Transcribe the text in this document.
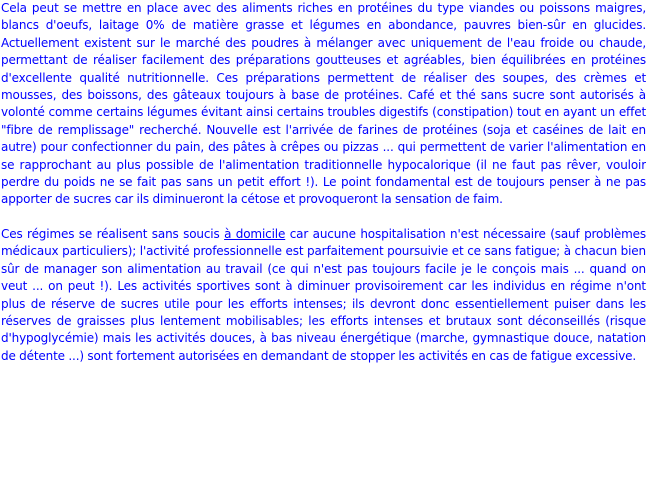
Cela peut se mettre en place avec des aliments riches en protéines du type viandes ou poissons maigres, blancs d'oeufs, laitage 0% de matière grasse et légumes en abondance, pauvres bien-sûr en glucides. Actuellement existent sur le marché des poudres à mélanger avec uniquement de l'eau froide ou chaude, permettant de réaliser facilement des préparations goutteuses et agréables, bien équilibrées en protéines d'excellente qualité nutritionnelle. Ces préparations permettent de réaliser des soupes, des crèmes et mousses, des boissons, des gâteaux toujours à base de protéines. Café et thé sans sucre sont autorisés à volonté comme certains légumes évitant ainsi certains troubles digestifs (constipation) tout en ayant un effet "fibre de remplissage" recherché. Nouvelle est l'arrivée de farines de protéines (soja et caséines de lait en autre) pour confectionner du pain, des pâtes à crêpes ou pizzas ... qui permettent de varier l'alimentation en se rapprochant au plus possible de l'alimentation traditionnelle hypocalorique (il ne faut pas rêver, vouloir perdre du poids ne se fait pas sans un petit effort !). Le point fondamental est de toujours penser à ne pas apporter de sucres car ils diminueront la cétose et provoqueront la sensation de faim.

Ces régimes se réalisent sans soucis à domicile car aucune hospitalisation n'est nécessaire (sauf problèmes médicaux particuliers); l'activité professionnelle est parfaitement poursuivie et ce sans fatigue; à chacun bien sûr de manager son alimentation au travail (ce qui n'est pas toujours facile je le conçois mais ... quand on veut ... on peut !). Les activités sportives sont à diminuer provisoirement car les individus en régime n'ont plus de réserve de sucres utile pour les efforts intenses; ils devront donc essentiellement puiser dans les réserves de graisses plus lentement mobilisables; les efforts intenses et brutaux sont déconseillés (risque d'hypoglycémie) mais les activités douces, à bas niveau énergétique (marche, gymnastique douce, natation de détente ...) sont fortement autorisées en demandant de stopper les activités en cas de fatigue excessive.
